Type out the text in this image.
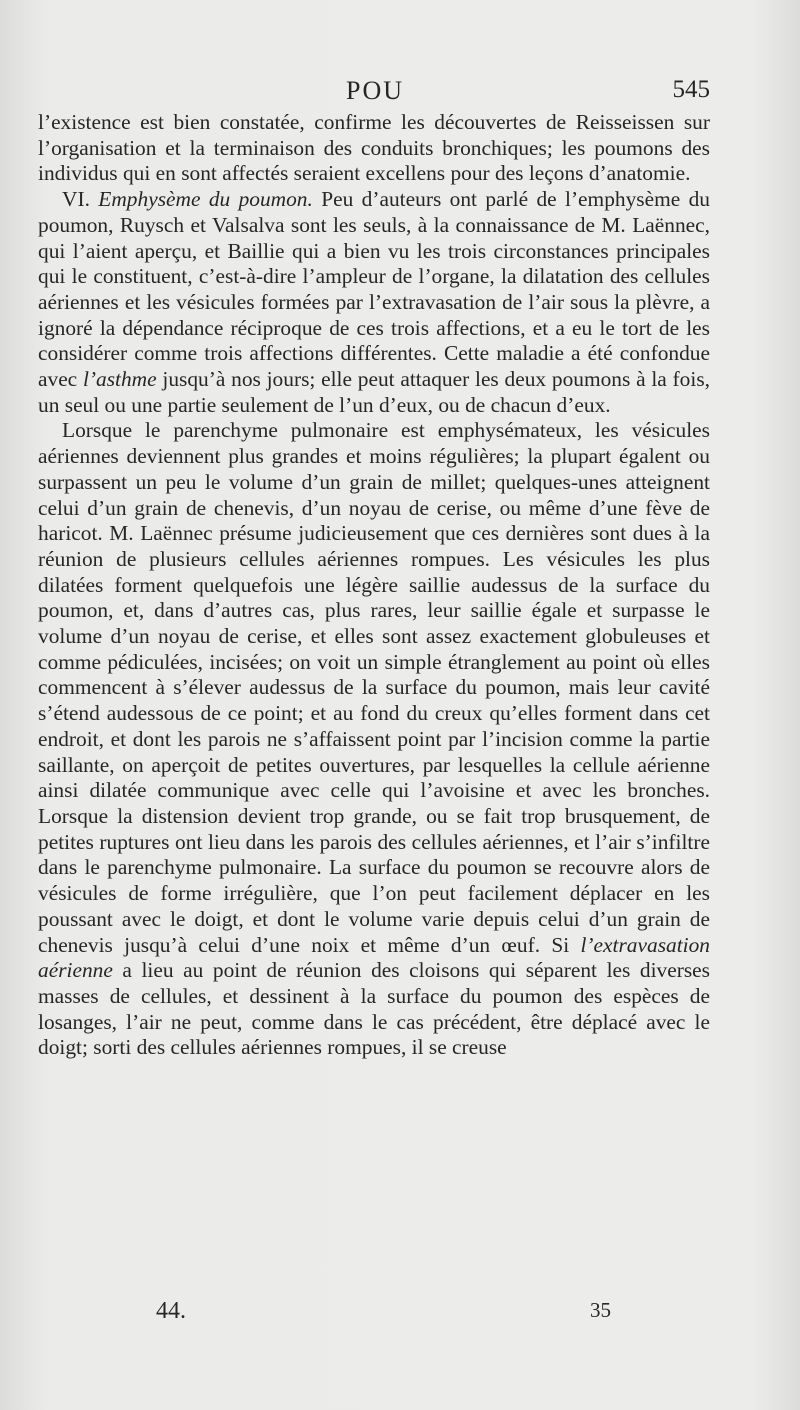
POU	545

l’existence est bien constatée, confirme les découvertes de Reisseissen sur l’organisation et la terminaison des conduits bronchiques; les poumons des individus qui en sont affectés seraient excellens pour des leçons d’anatomie.

VI. Emphysème du poumon. Peu d’auteurs ont parlé de l’emphysème du poumon, Ruysch et Valsalva sont les seuls, à la connaissance de M. Laënnec, qui l’aient aperçu, et Baillie qui a bien vu les trois circonstances principales qui le constituent, c’est-à-dire l’ampleur de l’organe, la dilatation des cellules aériennes et les vésicules formées par l’extravasation de l’air sous la plèvre, a ignoré la dépendance réciproque de ces trois affections, et a eu le tort de les considérer comme trois affections différentes. Cette maladie a été confondue avec l’asthme jusqu’à nos jours; elle peut attaquer les deux poumons à la fois, un seul ou une partie seulement de l’un d’eux, ou de chacun d’eux.

Lorsque le parenchyme pulmonaire est emphysémateux, les vésicules aériennes deviennent plus grandes et moins régulières; la plupart égalent ou surpassent un peu le volume d’un grain de millet; quelques-unes atteignent celui d’un grain de chenevis, d’un noyau de cerise, ou même d’une fève de haricot. M. Laënnec présume judicieusement que ces dernières sont dues à la réunion de plusieurs cellules aériennes rompues. Les vésicules les plus dilatées forment quelquefois une légère saillie audessus de la surface du poumon, et, dans d’autres cas, plus rares, leur saillie égale et surpasse le volume d’un noyau de cerise, et elles sont assez exactement globuleuses et comme pédiculées, incisées; on voit un simple étranglement au point où elles commencent à s’élever audessus de la surface du poumon, mais leur cavité s’étend audessous de ce point; et au fond du creux qu’elles forment dans cet endroit, et dont les parois ne s’affaissent point par l’incision comme la partie saillante, on aperçoit de petites ouvertures, par lesquelles la cellule aérienne ainsi dilatée communique avec celle qui l’avoisine et avec les bronches. Lorsque la distension devient trop grande, ou se fait trop brusquement, de petites ruptures ont lieu dans les parois des cellules aériennes, et l’air s’infiltre dans le parenchyme pulmonaire. La surface du poumon se recouvre alors de vésicules de forme irrégulière, que l’on peut facilement déplacer en les poussant avec le doigt, et dont le volume varie depuis celui d’un grain de chenevis jusqu’à celui d’une noix et même d’un œuf. Si l’extravasation aérienne a lieu au point de réunion des cloisons qui séparent les diverses masses de cellules, et dessinent à la surface du poumon des espèces de losanges, l’air ne peut, comme dans le cas précédent, être déplacé avec le doigt; sorti des cellules aériennes rompues, il se creuse

44.	35
